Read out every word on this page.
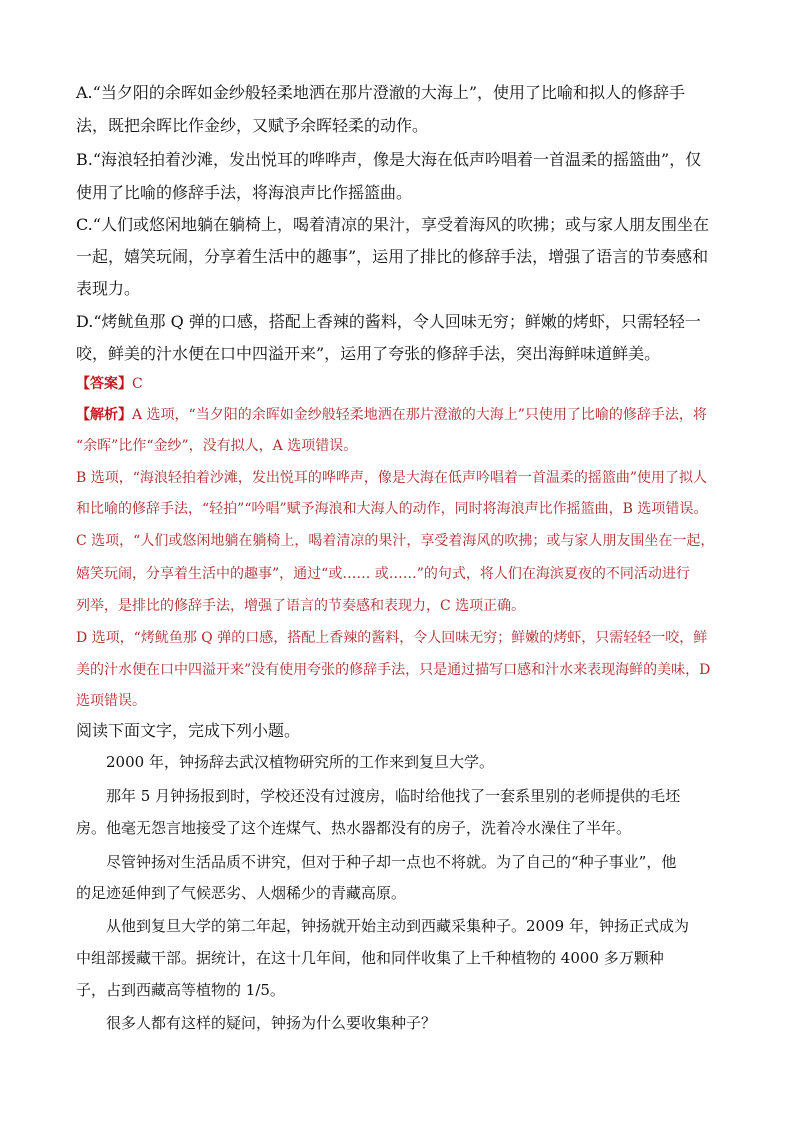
A.“当夕阳的余晖如金纱般轻柔地洒在那片澄澈的大海上”，使用了比喻和拟人的修辞手
法，既把余晖比作金纱，又赋予余晖轻柔的动作。
B.“海浪轻拍着沙滩，发出悦耳的哗哗声，像是大海在低声吟唱着一首温柔的摇篮曲”，仅
使用了比喻的修辞手法，将海浪声比作摇篮曲。
C.“人们或悠闲地躺在躺椅上，喝着清凉的果汁，享受着海风的吹拂；或与家人朋友围坐在
一起，嬉笑玩闹，分享着生活中的趣事”，运用了排比的修辞手法，增强了语言的节奏感和
表现力。
D.“烤鱿鱼那 Q 弹的口感，搭配上香辣的酱料，令人回味无穷；鲜嫩的烤虾，只需轻轻一
咬，鲜美的汁水便在口中四溢开来”，运用了夸张的修辞手法，突出海鲜味道鲜美。
【答案】C
【解析】A 选项，“当夕阳的余晖如金纱般轻柔地洒在那片澄澈的大海上”只使用了比喻的修辞手法，将
“余晖”比作“金纱”，没有拟人，A 选项错误。
B 选项，“海浪轻拍着沙滩，发出悦耳的哗哗声，像是大海在低声吟唱着一首温柔的摇篮曲”使用了拟人
和比喻的修辞手法，“轻拍”“吟唱”赋予海浪和大海人的动作，同时将海浪声比作摇篮曲，B 选项错误。
C 选项，“人们或悠闲地躺在躺椅上，喝着清凉的果汁，享受着海风的吹拂；或与家人朋友围坐在一起，
嬉笑玩闹，分享着生活中的趣事”，通过“或…… 或……”的句式，将人们在海滨夏夜的不同活动进行
列举，是排比的修辞手法，增强了语言的节奏感和表现力，C 选项正确。
D 选项，“烤鱿鱼那 Q 弹的口感，搭配上香辣的酱料，令人回味无穷；鲜嫩的烤虾，只需轻轻一咬，鲜
美的汁水便在口中四溢开来”没有使用夸张的修辞手法，只是通过描写口感和汁水来表现海鲜的美味，D
选项错误。
阅读下面文字，完成下列小题。
2000 年，钟扬辞去武汉植物研究所的工作来到复旦大学。
那年 5 月钟扬报到时，学校还没有过渡房，临时给他找了一套系里别的老师提供的毛坯
房。他毫无怨言地接受了这个连煤气、热水器都没有的房子，洗着冷水澡住了半年。
尽管钟扬对生活品质不讲究，但对于种子却一点也不将就。为了自己的“种子事业”，他
的足迹延伸到了气候恶劣、人烟稀少的青藏高原。
从他到复旦大学的第二年起，钟扬就开始主动到西藏采集种子。2009 年，钟扬正式成为
中组部援藏干部。据统计，在这十几年间，他和同伴收集了上千种植物的 4000 多万颗种
子，占到西藏高等植物的 1/5。
很多人都有这样的疑问，钟扬为什么要收集种子？
